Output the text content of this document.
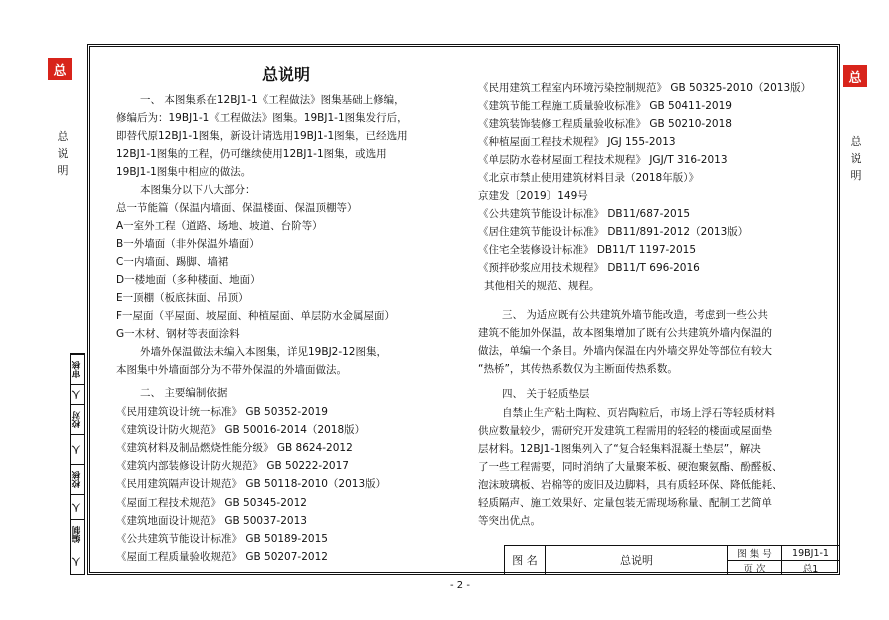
总
总
说
明
总
总
说
明
审核
人
校对
人
校核
人
编制
人
总说明
一、 本图集系在12BJ1-1《工程做法》图集基础上修编，
修编后为：19BJ1-1《工程做法》图集。19BJ1-1图集发行后，
即替代原12BJ1-1图集，新设计请选用19BJ1-1图集，已经选用
12BJ1-1图集的工程，仍可继续使用12BJ1-1图集，或选用
19BJ1-1图集中相应的做法。
本图集分以下八大部分：
总一节能篇（保温内墙面、保温楼面、保温顶棚等）
A一室外工程（道路、场地、坡道、台阶等）
B一外墙面（非外保温外墙面）
C一内墙面、踢脚、墙裙
D一楼地面（多种楼面、地面）
E一顶棚（板底抹面、吊顶）
F一屋面（平屋面、坡屋面、种植屋面、单层防水金属屋面）
G一木材、钢材等表面涂料
外墙外保温做法未编入本图集，详见19BJ2-12图集，
本图集中外墙面部分为不带外保温的外墙面做法。
二、 主要编制依据
《民用建筑设计统一标准》 GB 50352-2019
《建筑设计防火规范》 GB 50016-2014（2018版）
《建筑材料及制品燃烧性能分级》 GB 8624-2012
《建筑内部装修设计防火规范》 GB 50222-2017
《民用建筑隔声设计规范》 GB 50118-2010（2013版）
《屋面工程技术规范》 GB 50345-2012
《建筑地面设计规范》 GB 50037-2013
《公共建筑节能设计标准》 GB 50189-2015
《屋面工程质量验收规范》 GB 50207-2012
《民用建筑工程室内环境污染控制规范》 GB 50325-2010（2013版）
《建筑节能工程施工质量验收标准》 GB 50411-2019
《建筑装饰装修工程质量验收标准》 GB 50210-2018
《种植屋面工程技术规程》 JGJ 155-2013
《单层防水卷材屋面工程技术规程》 JGJ/T 316-2013
《北京市禁止使用建筑材料目录（2018年版）》
京建发〔2019〕149号
《公共建筑节能设计标准》 DB11/687-2015
《居住建筑节能设计标准》 DB11/891-2012（2013版）
《住宅全装修设计标准》 DB11/T 1197-2015
《预拌砂浆应用技术规程》 DB11/T 696-2016
其他相关的规范、规程。
三、 为适应既有公共建筑外墙节能改造，考虑到一些公共
建筑不能加外保温，故本图集增加了既有公共建筑外墙内保温的
做法，单编一个条目。外墙内保温在内外墙交界处等部位有较大
“热桥”，其传热系数仅为主断面传热系数。
四、 关于轻质垫层
自禁止生产粘土陶粒、页岩陶粒后，市场上浮石等轻质材料
供应数量较少，需研究开发建筑工程需用的轻轻的楼面或屋面垫
层材料。12BJ1-1图集列入了“复合轻集料混凝土垫层”，解决
了一些工程需要，同时消纳了大量聚苯板、硬泡聚氨酯、酚醛板、
泡沫玻璃板、岩棉等的废旧及边脚料，具有质轻环保、降低能耗、
轻质隔声、施工效果好、定量包装无需现场称量、配制工艺简单
等突出优点。
图 名	总说明	图 集 号	19BJ1-1
页 次	总1
- 2 -
